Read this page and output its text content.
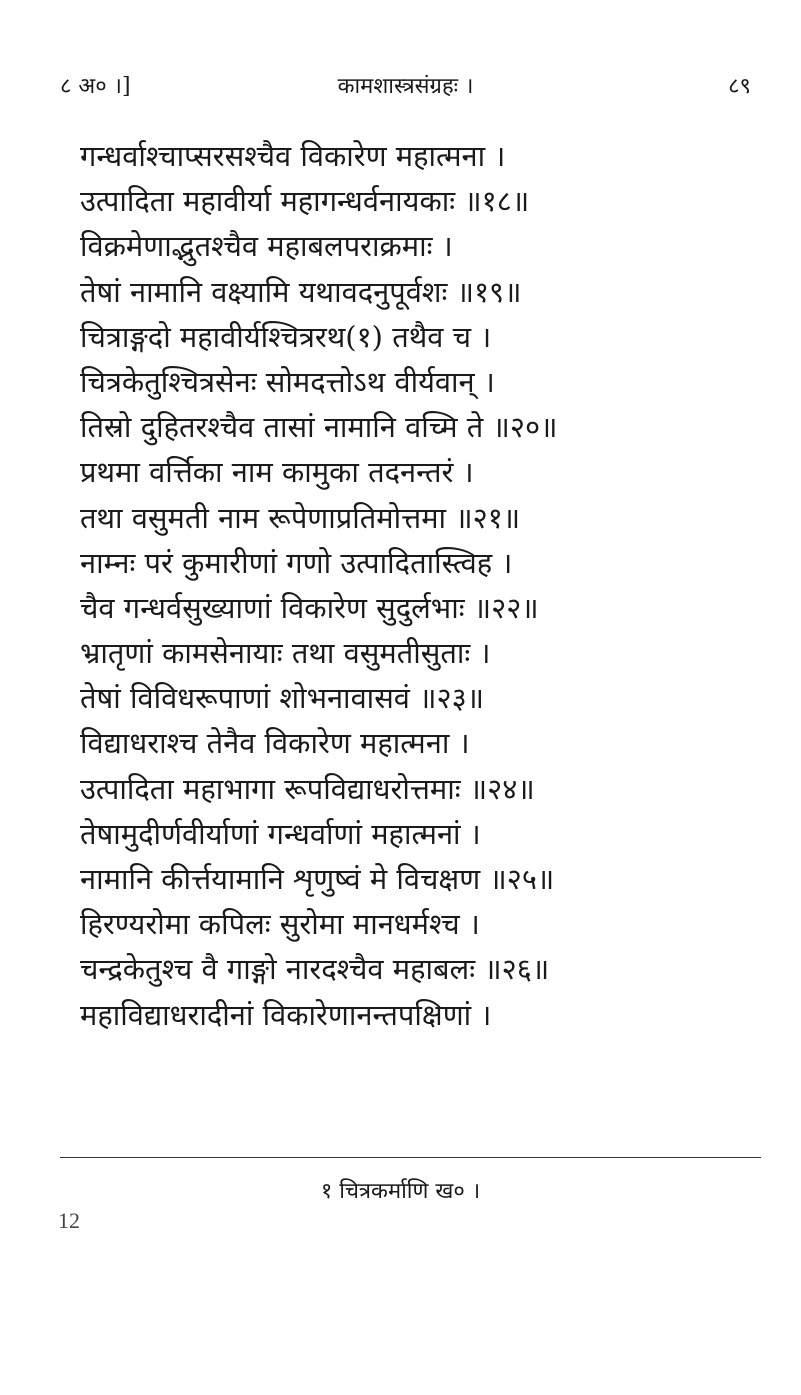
८ अ० ।]	कामशास्त्रसंग्रहः ।	८९
गन्धर्वाश्चाप्सरसश्चैव विकारेण महात्मना ।
उत्पादिता महावीर्या महागन्धर्वनायकाः ॥१८॥
विक्रमेणाद्भुतश्चैव महाबलपराक्रमाः ।
तेषां नामानि वक्ष्यामि यथावदनुपूर्वशः ॥१९॥
चित्राङ्गदो महावीर्यश्चित्ररथ(१) तथैव च ।
चित्रकेतुश्चित्रसेनः सोमदत्तोऽथ वीर्यवान् ।
तिस्रो दुहितरश्चैव तासां नामानि वच्मि ते ॥२०॥
प्रथमा वर्त्तिका नाम कामुका तदनन्तरं ।
तथा वसुमती नाम रूपेणाप्रतिमोत्तमा ॥२१॥
नाम्नः परं कुमारीणां गणो उत्पादितास्त्विह ।
चैव गन्धर्वसुख्याणां विकारेण सुदुर्लभाः ॥२२॥
भ्रातृणां कामसेनायाः तथा वसुमतीसुताः ।
तेषां विविधरूपाणां शोभनावासवं ॥२३॥
विद्याधराश्च तेनैव विकारेण महात्मना ।
उत्पादिता महाभागा रूपविद्याधरोत्तमाः ॥२४॥
तेषामुदीर्णवीर्याणां गन्धर्वाणां महात्मनां ।
नामानि कीर्त्तयामानि शृणुष्वं मे विचक्षण ॥२५॥
हिरण्यरोमा कपिलः सुरोमा मानधर्मश्च ।
चन्द्रकेतुश्च वै गाङ्गो नारदश्चैव महाबलः ॥२६॥
महाविद्याधरादीनां विकारेणानन्तपक्षिणां ।
१ चित्रकर्माणि ख० ।
12
